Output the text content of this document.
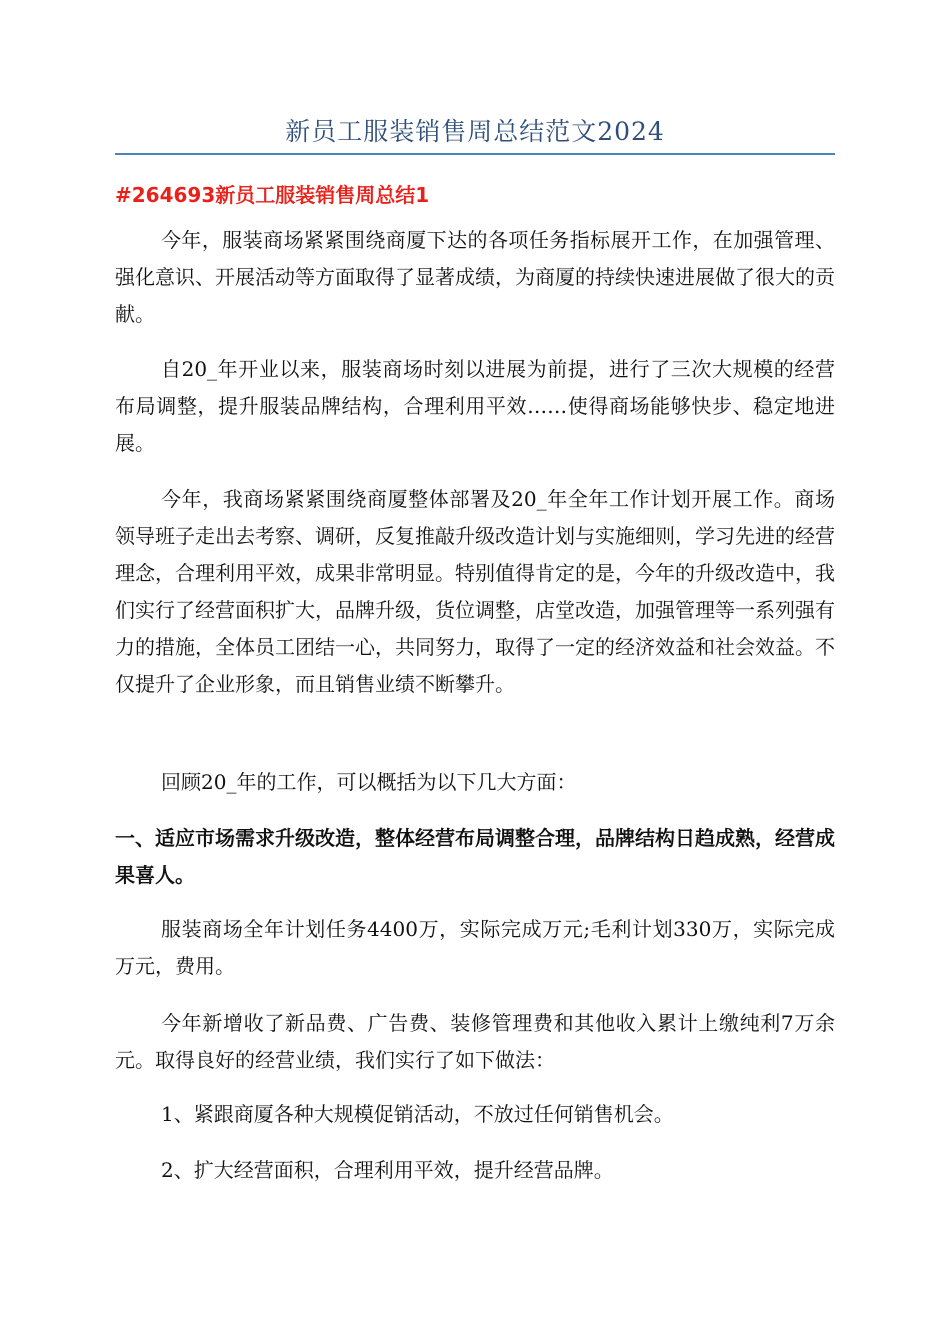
新员工服装销售周总结范文2024
#264693新员工服装销售周总结1

今年，服装商场紧紧围绕商厦下达的各项任务指标展开工作，在加强管理、强化意识、开展活动等方面取得了显著成绩，为商厦的持续快速进展做了很大的贡献。

自20_年开业以来，服装商场时刻以进展为前提，进行了三次大规模的经营布局调整，提升服装品牌结构，合理利用平效……使得商场能够快步、稳定地进展。

今年，我商场紧紧围绕商厦整体部署及20_年全年工作计划开展工作。商场领导班子走出去考察、调研，反复推敲升级改造计划与实施细则，学习先进的经营理念，合理利用平效，成果非常明显。特别值得肯定的是，今年的升级改造中，我们实行了经营面积扩大，品牌升级，货位调整，店堂改造，加强管理等一系列强有力的措施，全体员工团结一心，共同努力，取得了一定的经济效益和社会效益。不仅提升了企业形象，而且销售业绩不断攀升。

回顾20_年的工作，可以概括为以下几大方面：

一、适应市场需求升级改造，整体经营布局调整合理，品牌结构日趋成熟，经营成果喜人。

服装商场全年计划任务4400万，实际完成万元;毛利计划330万，实际完成万元，费用。

今年新增收了新品费、广告费、装修管理费和其他收入累计上缴纯利7万余元。取得良好的经营业绩，我们实行了如下做法：

1、紧跟商厦各种大规模促销活动，不放过任何销售机会。

2、扩大经营面积，合理利用平效，提升经营品牌。
